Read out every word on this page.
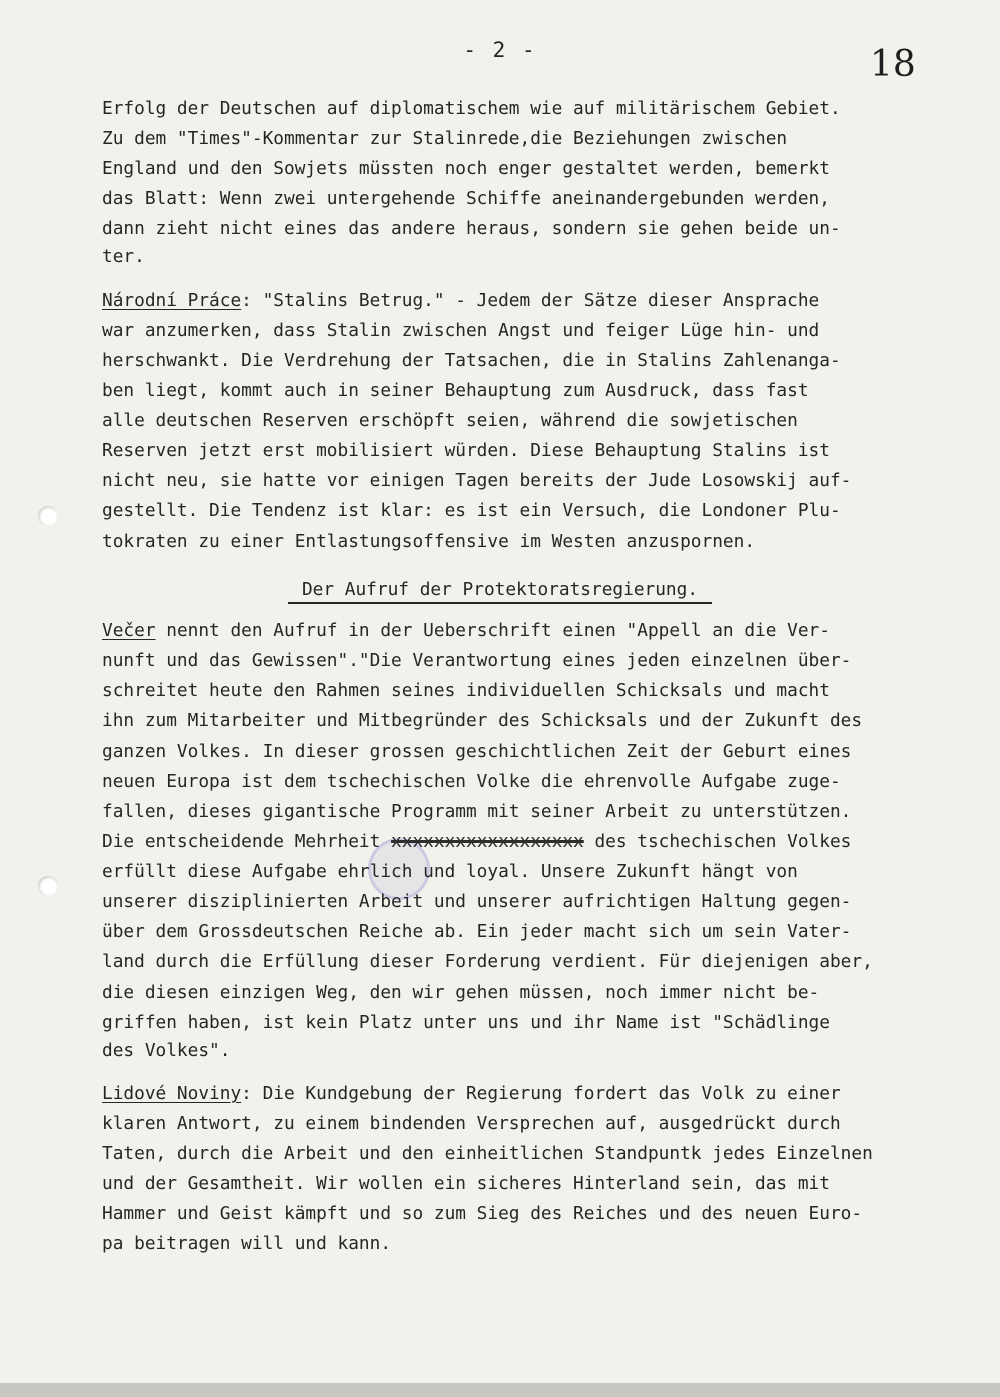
- 2 -	18
Erfolg der Deutschen auf diplomatischem wie auf militärischem Gebiet.
Zu dem "Times"-Kommentar zur Stalinrede,die Beziehungen zwischen
England und den Sowjets müssten noch enger gestaltet werden, bemerkt
das Blatt: Wenn zwei untergehende Schiffe aneinandergebunden werden,
dann zieht nicht eines das andere heraus, sondern sie gehen beide un-
ter.
Národní Práce: "Stalins Betrug." - Jedem der Sätze dieser Ansprache
war anzumerken, dass Stalin zwischen Angst und feiger Lüge hin- und
herschwankt. Die Verdrehung der Tatsachen, die in Stalins Zahlenanga-
ben liegt, kommt auch in seiner Behauptung zum Ausdruck, dass fast
alle deutschen Reserven erschöpft seien, während die sowjetischen
Reserven jetzt erst mobilisiert würden. Diese Behauptung Stalins ist
nicht neu, sie hatte vor einigen Tagen bereits der Jude Losowskij auf-
gestellt. Die Tendenz ist klar: es ist ein Versuch, die Londoner Plu-
tokraten zu einer Entlastungsoffensive im Westen anzuspornen.
Der Aufruf der Protektoratsregierung.
Večer nennt den Aufruf in der Ueberschrift einen "Appell an die Ver-
nunft und das Gewissen"."Die Verantwortung eines jeden einzelnen über-
schreitet heute den Rahmen seines individuellen Schicksals und macht
ihn zum Mitarbeiter und Mitbegründer des Schicksals und der Zukunft des
ganzen Volkes. In dieser grossen geschichtlichen Zeit der Geburt eines
neuen Europa ist dem tschechischen Volke die ehrenvolle Aufgabe zuge-
fallen, dieses gigantische Programm mit seiner Arbeit zu unterstützen.
Die entscheidende Mehrheit xxxxxxxxxxxxxxxxxx des tschechischen Volkes
erfüllt diese Aufgabe ehrlich und loyal. Unsere Zukunft hängt von
unserer disziplinierten Arbeit und unserer aufrichtigen Haltung gegen-
über dem Grossdeutschen Reiche ab. Ein jeder macht sich um sein Vater-
land durch die Erfüllung dieser Forderung verdient. Für diejenigen aber,
die diesen einzigen Weg, den wir gehen müssen, noch immer nicht be-
griffen haben, ist kein Platz unter uns und ihr Name ist "Schädlinge
des Volkes".
Lidové Noviny: Die Kundgebung der Regierung fordert das Volk zu einer
klaren Antwort, zu einem bindenden Versprechen auf, ausgedrückt durch
Taten, durch die Arbeit und den einheitlichen Standpuntk jedes Einzelnen
und der Gesamtheit. Wir wollen ein sicheres Hinterland sein, das mit
Hammer und Geist kämpft und so zum Sieg des Reiches und des neuen Euro-
pa beitragen will und kann.
